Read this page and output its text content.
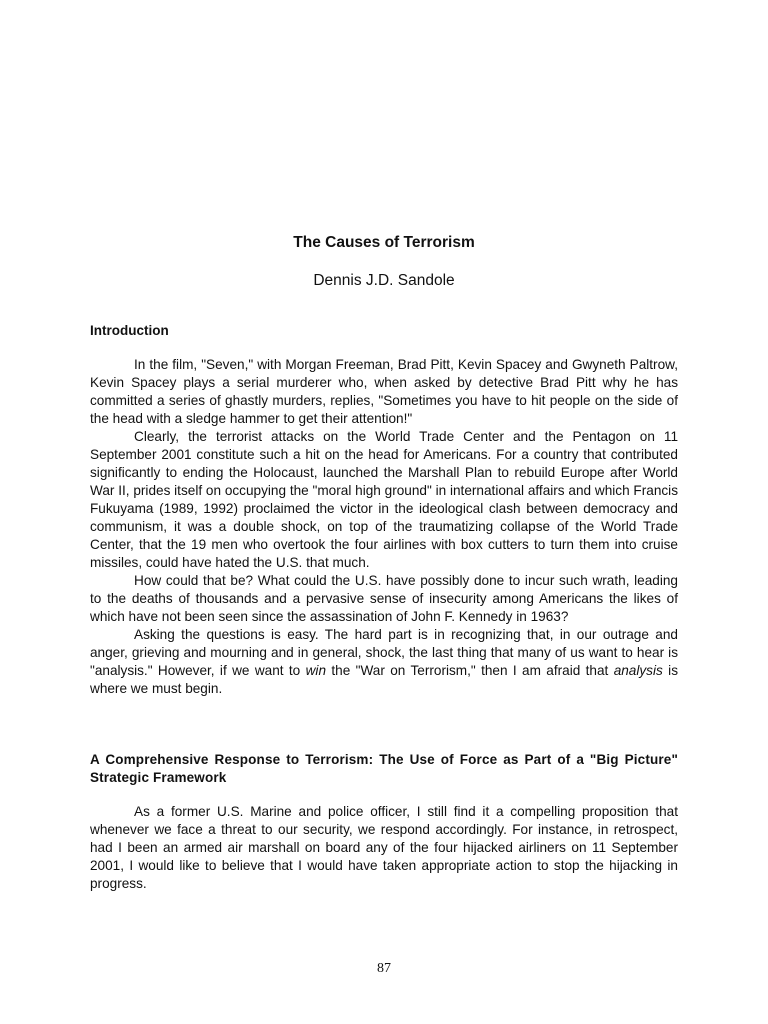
The Causes of Terrorism
Dennis J.D. Sandole
Introduction

In the film, "Seven," with Morgan Freeman, Brad Pitt, Kevin Spacey and Gwyneth Paltrow, Kevin Spacey plays a serial murderer who, when asked by detective Brad Pitt why he has committed a series of ghastly murders, replies, "Sometimes you have to hit people on the side of the head with a sledge hammer to get their attention!"

Clearly, the terrorist attacks on the World Trade Center and the Pentagon on 11 September 2001 constitute such a hit on the head for Americans. For a country that contributed significantly to ending the Holocaust, launched the Marshall Plan to rebuild Europe after World War II, prides itself on occupying the "moral high ground" in international affairs and which Francis Fukuyama (1989, 1992) proclaimed the victor in the ideological clash between democracy and communism, it was a double shock, on top of the traumatizing collapse of the World Trade Center, that the 19 men who overtook the four airlines with box cutters to turn them into cruise missiles, could have hated the U.S. that much.

How could that be? What could the U.S. have possibly done to incur such wrath, leading to the deaths of thousands and a pervasive sense of insecurity among Americans the likes of which have not been seen since the assassination of John F. Kennedy in 1963?

Asking the questions is easy. The hard part is in recognizing that, in our outrage and anger, grieving and mourning and in general, shock, the last thing that many of us want to hear is "analysis." However, if we want to win the "War on Terrorism," then I am afraid that analysis is where we must begin.

A Comprehensive Response to Terrorism: The Use of Force as Part of a "Big Picture" Strategic Framework

As a former U.S. Marine and police officer, I still find it a compelling proposition that whenever we face a threat to our security, we respond accordingly. For instance, in retrospect, had I been an armed air marshall on board any of the four hijacked airliners on 11 September 2001, I would like to believe that I would have taken appropriate action to stop the hijacking in progress.

87
